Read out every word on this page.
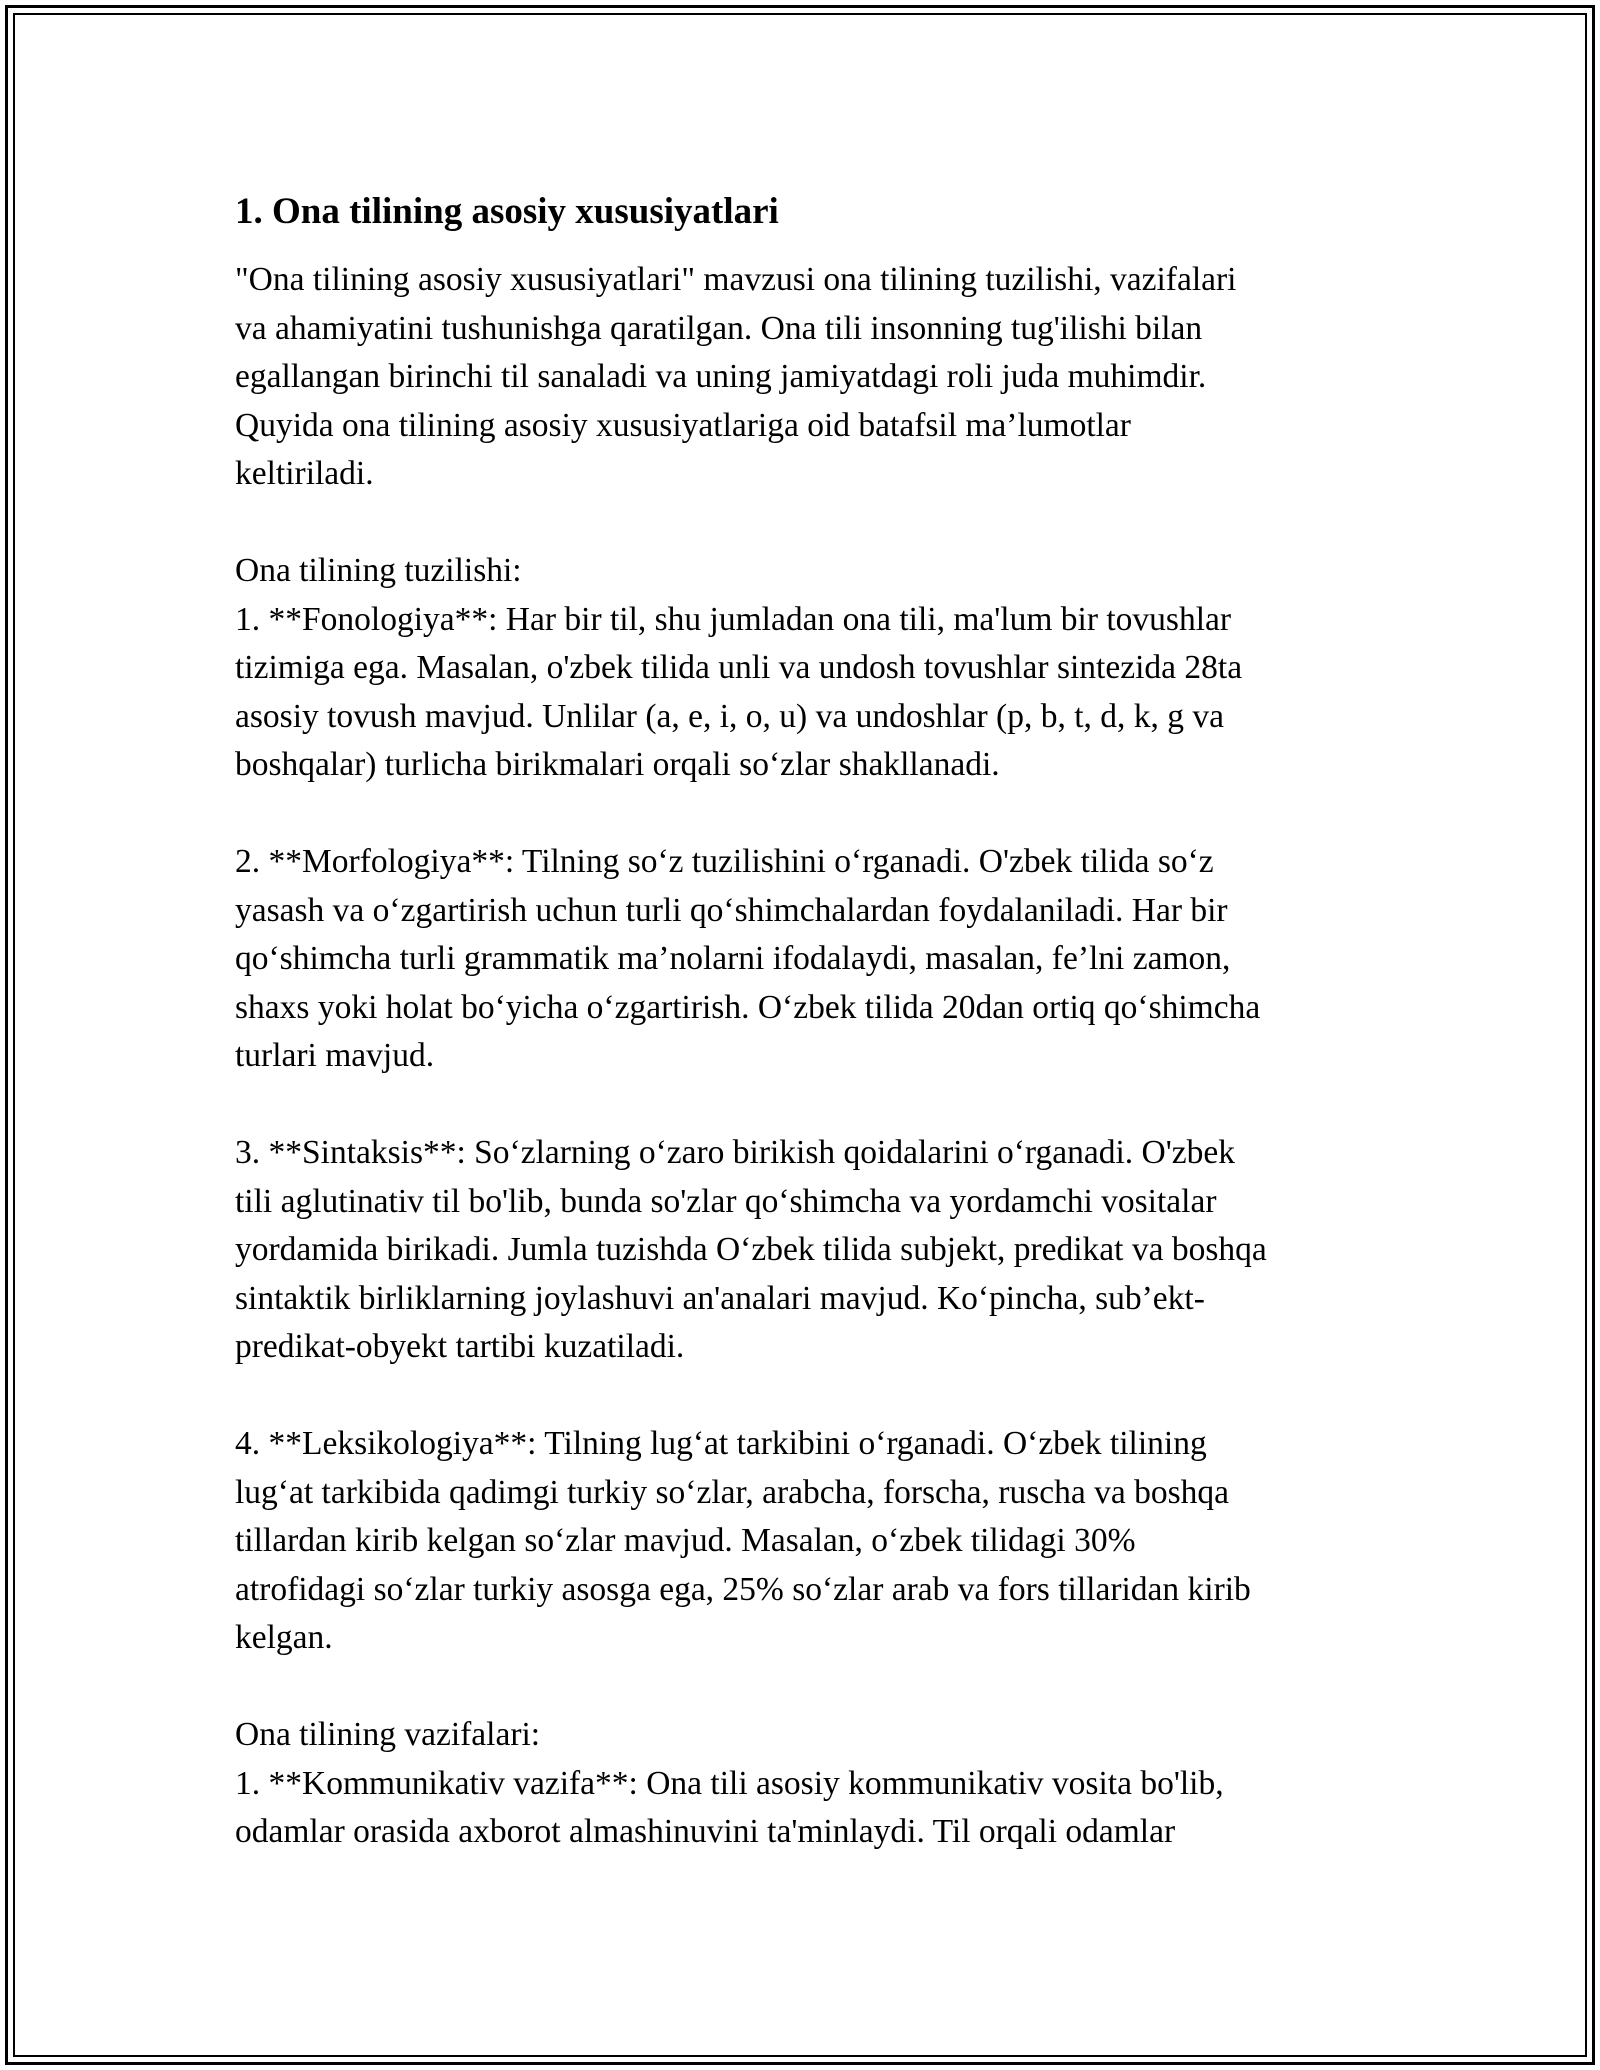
1. Ona tilining asosiy xususiyatlari
"Ona tilining asosiy xususiyatlari" mavzusi ona tilining tuzilishi, vazifalari
va ahamiyatini tushunishga qaratilgan. Ona tili insonning tug'ilishi bilan
egallangan birinchi til sanaladi va uning jamiyatdagi roli juda muhimdir.
Quyida ona tilining asosiy xususiyatlariga oid batafsil ma’lumotlar
keltiriladi.
Ona tilining tuzilishi:
1. **Fonologiya**: Har bir til, shu jumladan ona tili, ma'lum bir tovushlar
tizimiga ega. Masalan, o'zbek tilida unli va undosh tovushlar sintezida 28ta
asosiy tovush mavjud. Unlilar (a, e, i, o, u) va undoshlar (p, b, t, d, k, g va
boshqalar) turlicha birikmalari orqali so‘zlar shakllanadi.
2. **Morfologiya**: Tilning so‘z tuzilishini o‘rganadi. O'zbek tilida so‘z
yasash va o‘zgartirish uchun turli qo‘shimchalardan foydalaniladi. Har bir
qo‘shimcha turli grammatik ma’nolarni ifodalaydi, masalan, fe’lni zamon,
shaxs yoki holat bo‘yicha o‘zgartirish. O‘zbek tilida 20dan ortiq qo‘shimcha
turlari mavjud.
3. **Sintaksis**: So‘zlarning o‘zaro birikish qoidalarini o‘rganadi. O'zbek
tili aglutinativ til bo'lib, bunda so'zlar qo‘shimcha va yordamchi vositalar
yordamida birikadi. Jumla tuzishda O‘zbek tilida subjekt, predikat va boshqa
sintaktik birliklarning joylashuvi an'analari mavjud. Ko‘pincha, sub’ekt-
predikat-obyekt tartibi kuzatiladi.
4. **Leksikologiya**: Tilning lug‘at tarkibini o‘rganadi. O‘zbek tilining
lug‘at tarkibida qadimgi turkiy so‘zlar, arabcha, forscha, ruscha va boshqa
tillardan kirib kelgan so‘zlar mavjud. Masalan, o‘zbek tilidagi 30%
atrofidagi so‘zlar turkiy asosga ega, 25% so‘zlar arab va fors tillaridan kirib
kelgan.
Ona tilining vazifalari:
1. **Kommunikativ vazifa**: Ona tili asosiy kommunikativ vosita bo'lib,
odamlar orasida axborot almashinuvini ta'minlaydi. Til orqali odamlar
